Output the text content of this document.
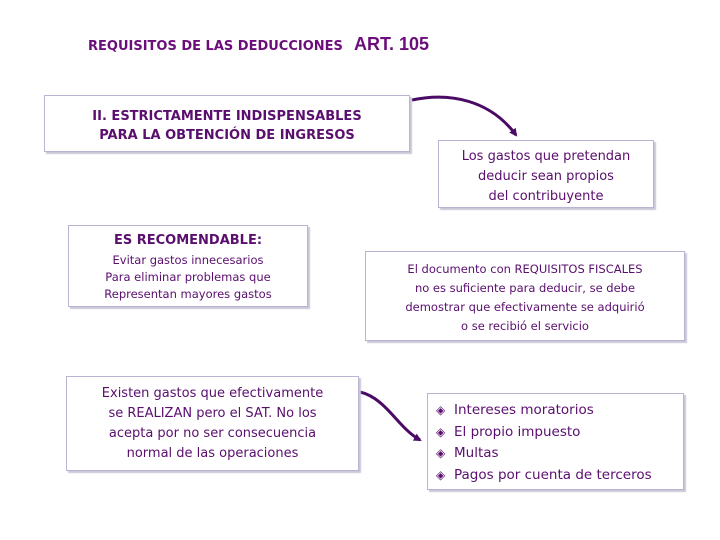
REQUISITOS DE LAS DEDUCCIONES ART. 105

II. ESTRICTAMENTE INDISPENSABLES

PARA LA OBTENCIÓN DE INGRESOS

Los gastos que pretendan

deducir sean propios

del contribuyente

ES RECOMENDABLE:

Evitar gastos innecesarios

Para eliminar problemas que

Representan mayores gastos

El documento con REQUISITOS FISCALES

no es suficiente para deducir, se debe

demostrar que efectivamente se adquirió

o se recibió el servicio

Existen gastos que efectivamente

se REALIZAN pero el SAT. No los

acepta por no ser consecuencia

normal de las operaciones

◈ Intereses moratorios
◈ El propio impuesto
◈ Multas
◈ Pagos por cuenta de terceros
